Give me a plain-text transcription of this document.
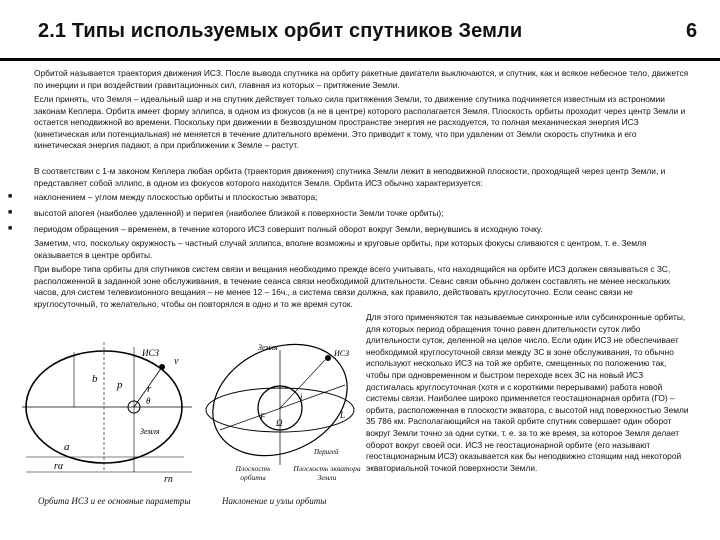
2.1 Типы используемых орбит спутников Земли	6

Орбитой называется траектория движения ИСЗ. После вывода спутника на орбиту ракетные двигатели выключаются, и спутник, как и всякое небесное тело, движется по инерции и при воздействии гравитационных сил, главная из которых – притяжение Земли.

Если принять, что Земля – идеальный шар и на спутник действует только сила притяжения Земли, то движение спутника подчиняется известным из астрономии законам Кеплера. Орбита имеет форму эллипса, в одном из фокусов (а не в центре) которого располагается Земля. Плоскость орбиты проходит через центр Земли и остается неподвижной во времени. Поскольку при движении в безвоздушном пространстве энергия не расходуется, то полная механическая энергия ИСЗ (кинетическая или потенциальная) не меняется в течение длительного времени. Это приводит к тому, что при удалении от Земли скорость спутника и его кинетическая энергия падают, а при приближении к Земле – растут.

В соответствии с 1-м законом Кеплера любая орбита (траектория движения) спутника Земли лежит в неподвижной плоскости, проходящей через центр Земли, и представляет собой эллипс, в одном из фокусов которого находится Земля. Орбита ИСЗ обычно характеризуется:

■	наклонением – углом между плоскостью орбиты и плоскостью экватора;

■	высотой апогея (наиболее удаленной) и перигея (наиболее близкой к поверхности Земли точке орбиты);

■	периодом обращения – временем, в течение которого ИСЗ совершит полный оборот вокруг Земли, вернувшись в исходную точку.

Заметим, что, поскольку окружность – частный случай эллипса, вполне возможны и круговые орбиты, при которых фокусы сливаются с центром, т. е. Земля оказывается в центре орбиты.

При выборе типа орбиты для спутников систем связи и вещания необходимо прежде всего учитывать, что находящийся на орбите ИСЗ должен связываться с ЗС, расположенной в заданной зоне обслуживания, в течение сеанса связи необходимой длительности. Сеанс связи обычно должен составлять не менее нескольких часов, для систем телевизионного вещания – не менее 12 – 16ч., а система связи должна, как правило, действовать круглосуточно. Если сеанс связи не круглосуточный, то желательно, чтобы он повторялся в одно и то же время суток.

Для этого применяются так называемые синхронные или субсинхронные орбиты, для которых период обращения точно равен длительности суток либо длительности суток, деленной на целое число. Если один ИСЗ не обеспечивает необходимой круглосуточной связи между ЗС в зоне обслуживания, то обычно используют несколько ИСЗ на той же орбите, смещенных по положению так, чтобы при одновременном и быстром переходе всех ЗС на новый ИСЗ достигалась круглосуточная (хотя и с короткими перерывами) работа новой системы связи. Наиболее широко применяется геостационарная орбита (ГО) – орбита, расположенная в плоскости экватора, с высотой над поверхностью Земли 35 786 км. Располагающийся на такой орбите спутник совершает один оборот вокруг Земли точно за одни сутки, т. е. за то же время, за которое Земля делает оборот вокруг своей оси. ИСЗ не геостационарной орбите (его называют геостационарным ИСЗ) оказывается как бы неподвижно стоящим над некоторой экваториальной точкой поверхности Земли.

b p r
ИСЗ
v
θ
a
Земля
rα
rп
Земля
ИСЗ
i
Ω
L
F
Перигей
Плоскость орбиты
Плоскость экватора Земли
Орбита ИСЗ и ее основные параметры	Наклонение и узлы орбиты
